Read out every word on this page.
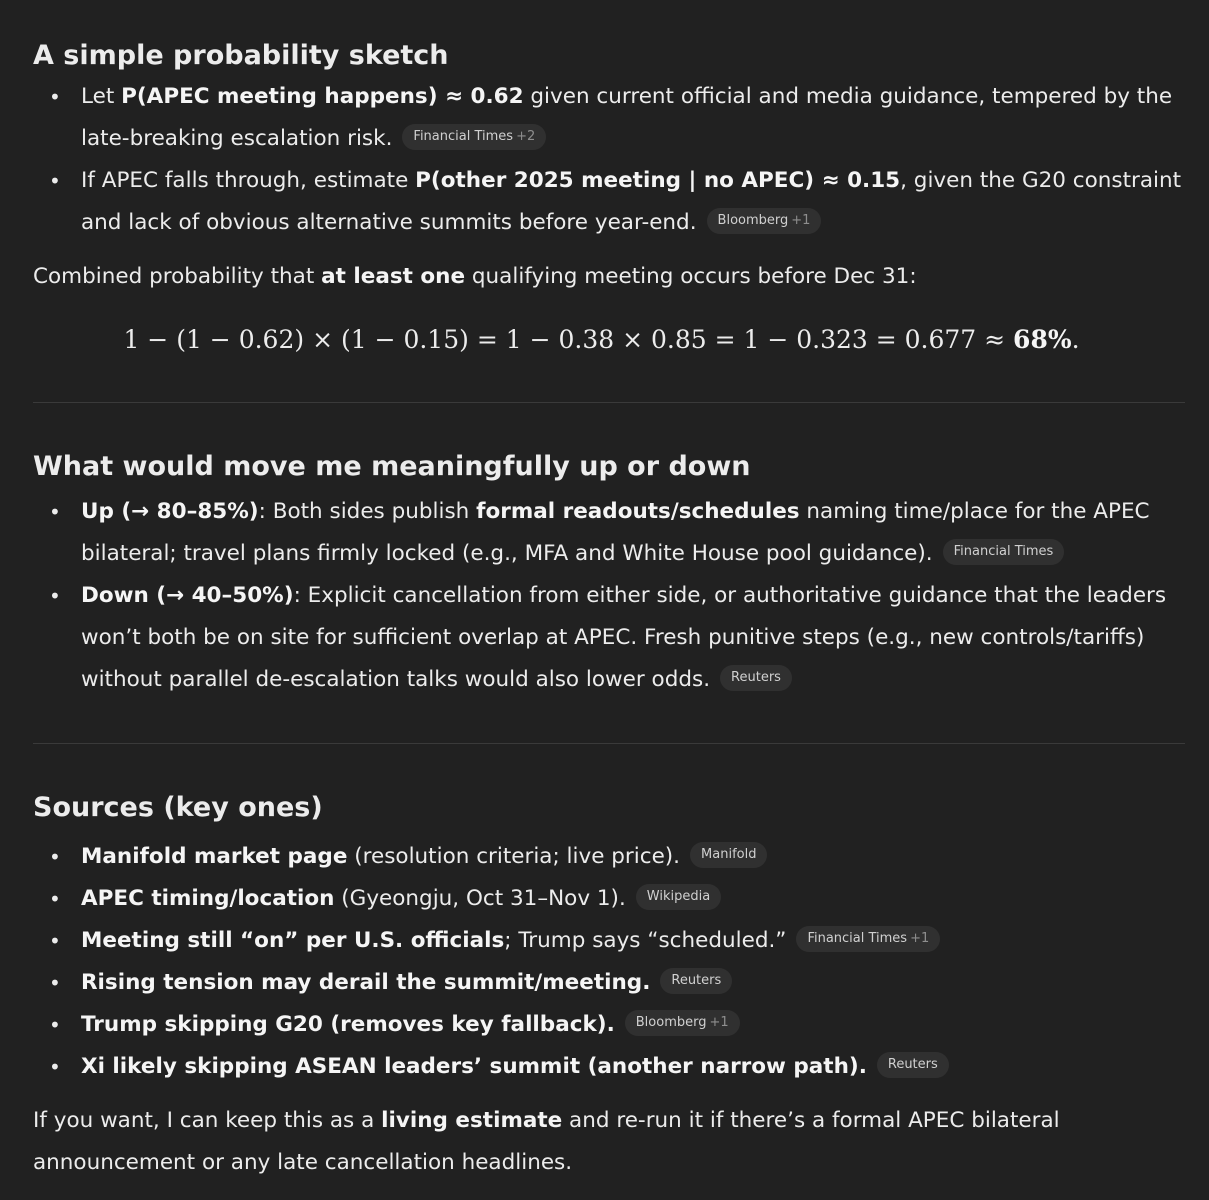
A simple probability sketch
• Let P(APEC meeting happens) ≈ 0.62 given current official and media guidance, tempered by the late-breaking escalation risk. Financial Times +2
• If APEC falls through, estimate P(other 2025 meeting | no APEC) ≈ 0.15, given the G20 constraint and lack of obvious alternative summits before year-end. Bloomberg +1

Combined probability that at least one qualifying meeting occurs before Dec 31:

1 − (1 − 0.62) × (1 − 0.15) = 1 − 0.38 × 0.85 = 1 − 0.323 = 0.677 ≈ 68%.
What would move me meaningfully up or down
• Up (→ 80–85%): Both sides publish formal readouts/schedules naming time/place for the APEC bilateral; travel plans firmly locked (e.g., MFA and White House pool guidance). Financial Times
• Down (→ 40–50%): Explicit cancellation from either side, or authoritative guidance that the leaders won’t both be on site for sufficient overlap at APEC. Fresh punitive steps (e.g., new controls/tariffs) without parallel de-escalation talks would also lower odds. Reuters
Sources (key ones)
• Manifold market page (resolution criteria; live price). Manifold
• APEC timing/location (Gyeongju, Oct 31–Nov 1). Wikipedia
• Meeting still “on” per U.S. officials; Trump says “scheduled.” Financial Times +1
• Rising tension may derail the summit/meeting. Reuters
• Trump skipping G20 (removes key fallback). Bloomberg +1
• Xi likely skipping ASEAN leaders’ summit (another narrow path). Reuters

If you want, I can keep this as a living estimate and re-run it if there’s a formal APEC bilateral announcement or any late cancellation headlines.
